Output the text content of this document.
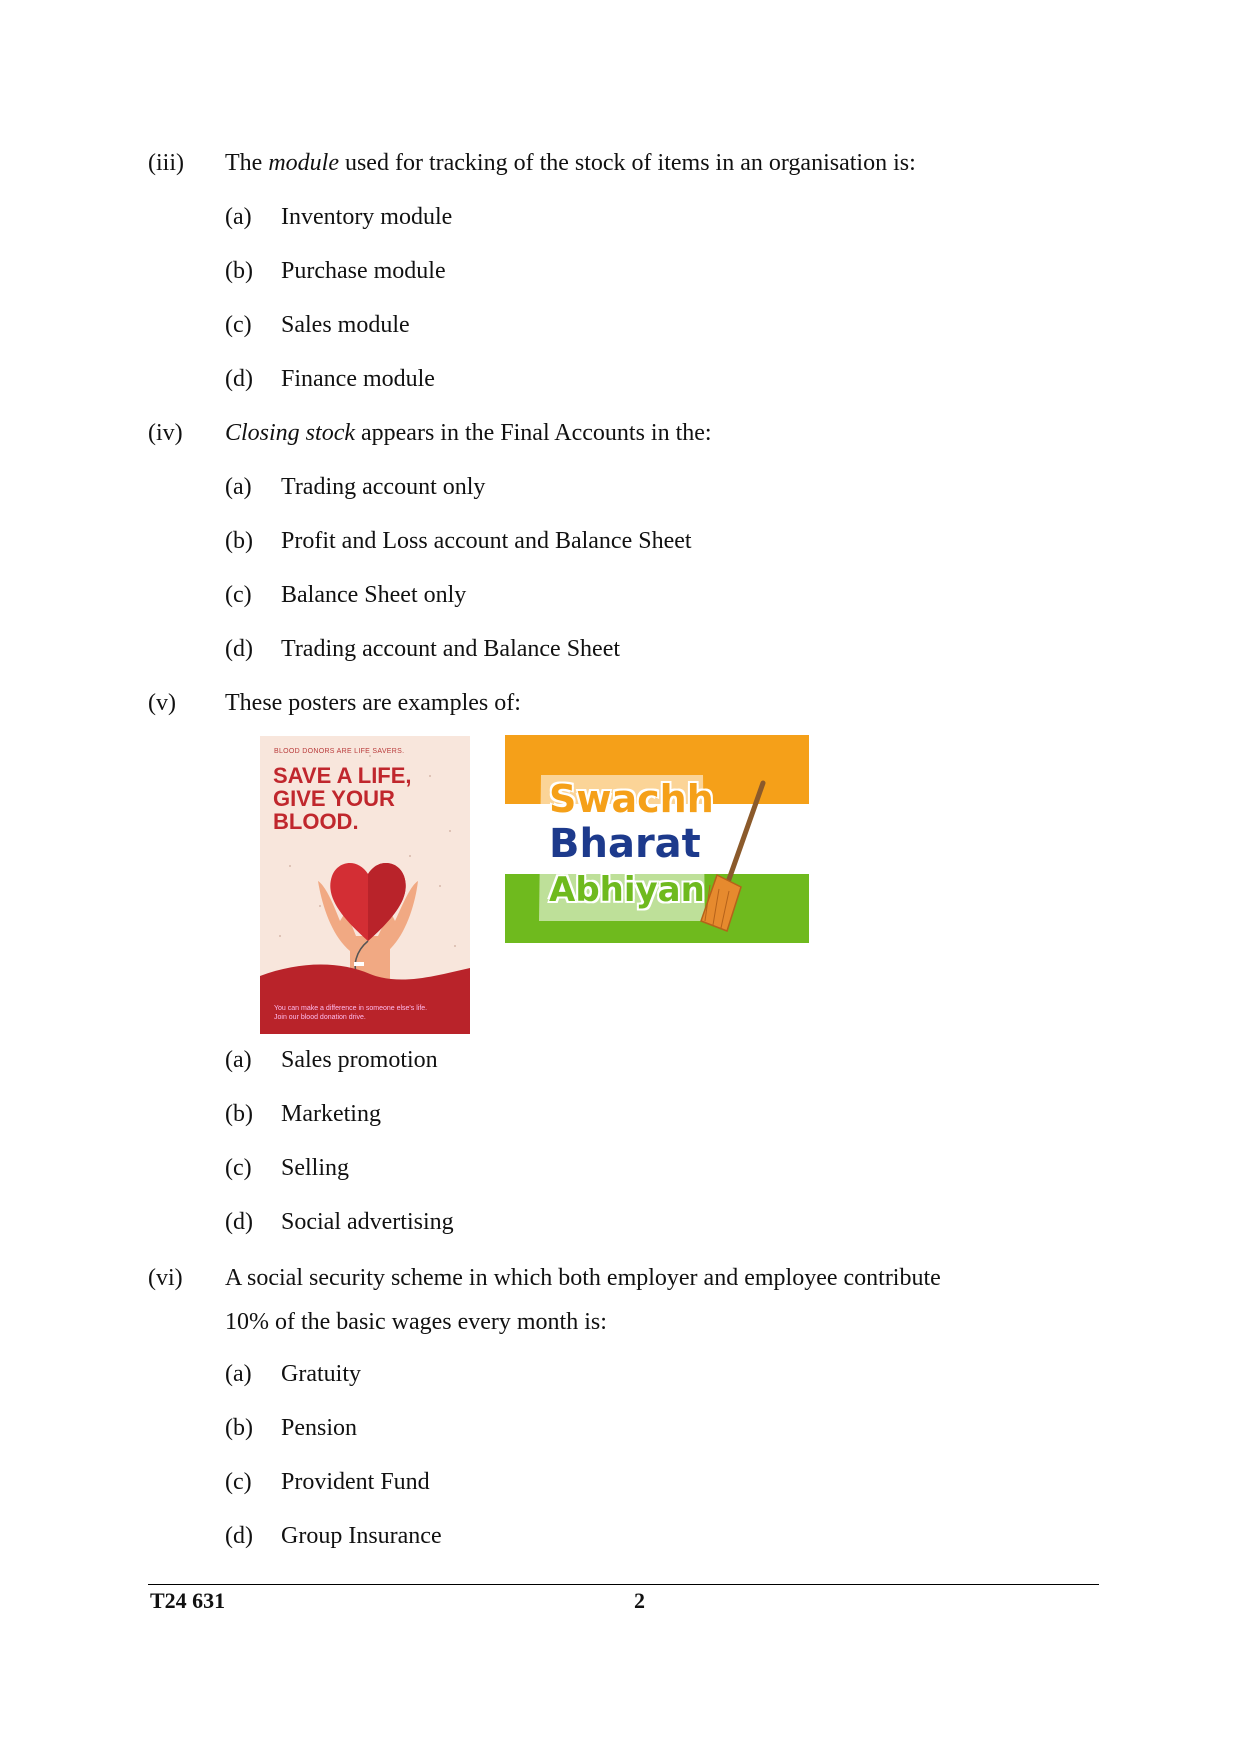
(iii) The module used for tracking of the stock of items in an organisation is:
(a) Inventory module
(b) Purchase module
(c) Sales module
(d) Finance module
(iv) Closing stock appears in the Final Accounts in the:
(a) Trading account only
(b) Profit and Loss account and Balance Sheet
(c) Balance Sheet only
(d) Trading account and Balance Sheet
(v) These posters are examples of:
BLOOD DONORS ARE LIFE SAVERS.
SAVE A LIFE,
GIVE YOUR
BLOOD.
You can make a difference in someone else's life.
Join our blood donation drive.
Swachh
Bharat
Abhiyan
(a) Sales promotion
(b) Marketing
(c) Selling
(d) Social advertising
(vi) A social security scheme in which both employer and employee contribute
10% of the basic wages every month is:
(a) Gratuity
(b) Pension
(c) Provident Fund
(d) Group Insurance
T24 631	2
